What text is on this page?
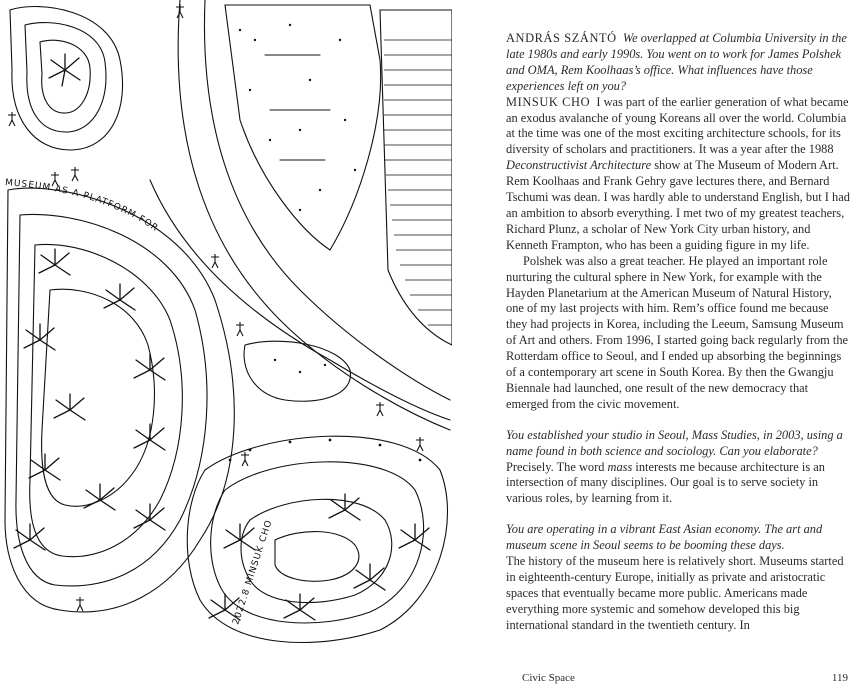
MUSEUM AS A PLATFORM FOR
2022.8 MINSUK CHO

ANDRÁS SZÁNTÓ We overlapped at Columbia University in the late 1980s and early 1990s. You went on to work for James Polshek and OMA, Rem Koolhaas’s office. What influences have those experiences left on you?

MINSUK CHO I was part of the earlier generation of what became an exodus avalanche of young Koreans all over the world. Columbia at the time was one of the most exciting architecture schools, for its diversity of scholars and practitioners. It was a year after the 1988 Deconstructivist Architecture show at The Museum of Modern Art. Rem Koolhaas and Frank Gehry gave lectures there, and Bernard Tschumi was dean. I was hardly able to understand English, but I had an ambition to absorb everything. I met two of my greatest teachers, Richard Plunz, a scholar of New York City urban history, and Kenneth Frampton, who has been a guiding figure in my life.

Polshek was also a great teacher. He played an important role nurturing the cultural sphere in New York, for example with the Hayden Planetarium at the American Museum of Natural History, one of my last projects with him. Rem’s office found me because they had projects in Korea, including the Leeum, Samsung Museum of Art and others. From 1996, I started going back regularly from the Rotterdam office to Seoul, and I ended up absorbing the beginnings of a contemporary art scene in South Korea. By then the Gwangju Biennale had launched, one result of the new democracy that emerged from the civic movement.

You established your studio in Seoul, Mass Studies, in 2003, using a name found in both science and sociology. Can you elaborate?

Precisely. The word mass interests me because architecture is an intersection of many disciplines. Our goal is to serve society in various roles, by learning from it.

You are operating in a vibrant East Asian economy. The art and museum scene in Seoul seems to be booming these days.

The history of the museum here is relatively short. Museums started in eighteenth-century Europe, initially as private and aristocratic spaces that eventually became more public. Americans made everything more systemic and somehow developed this big international standard in the twentieth century. In

Civic Space	119
